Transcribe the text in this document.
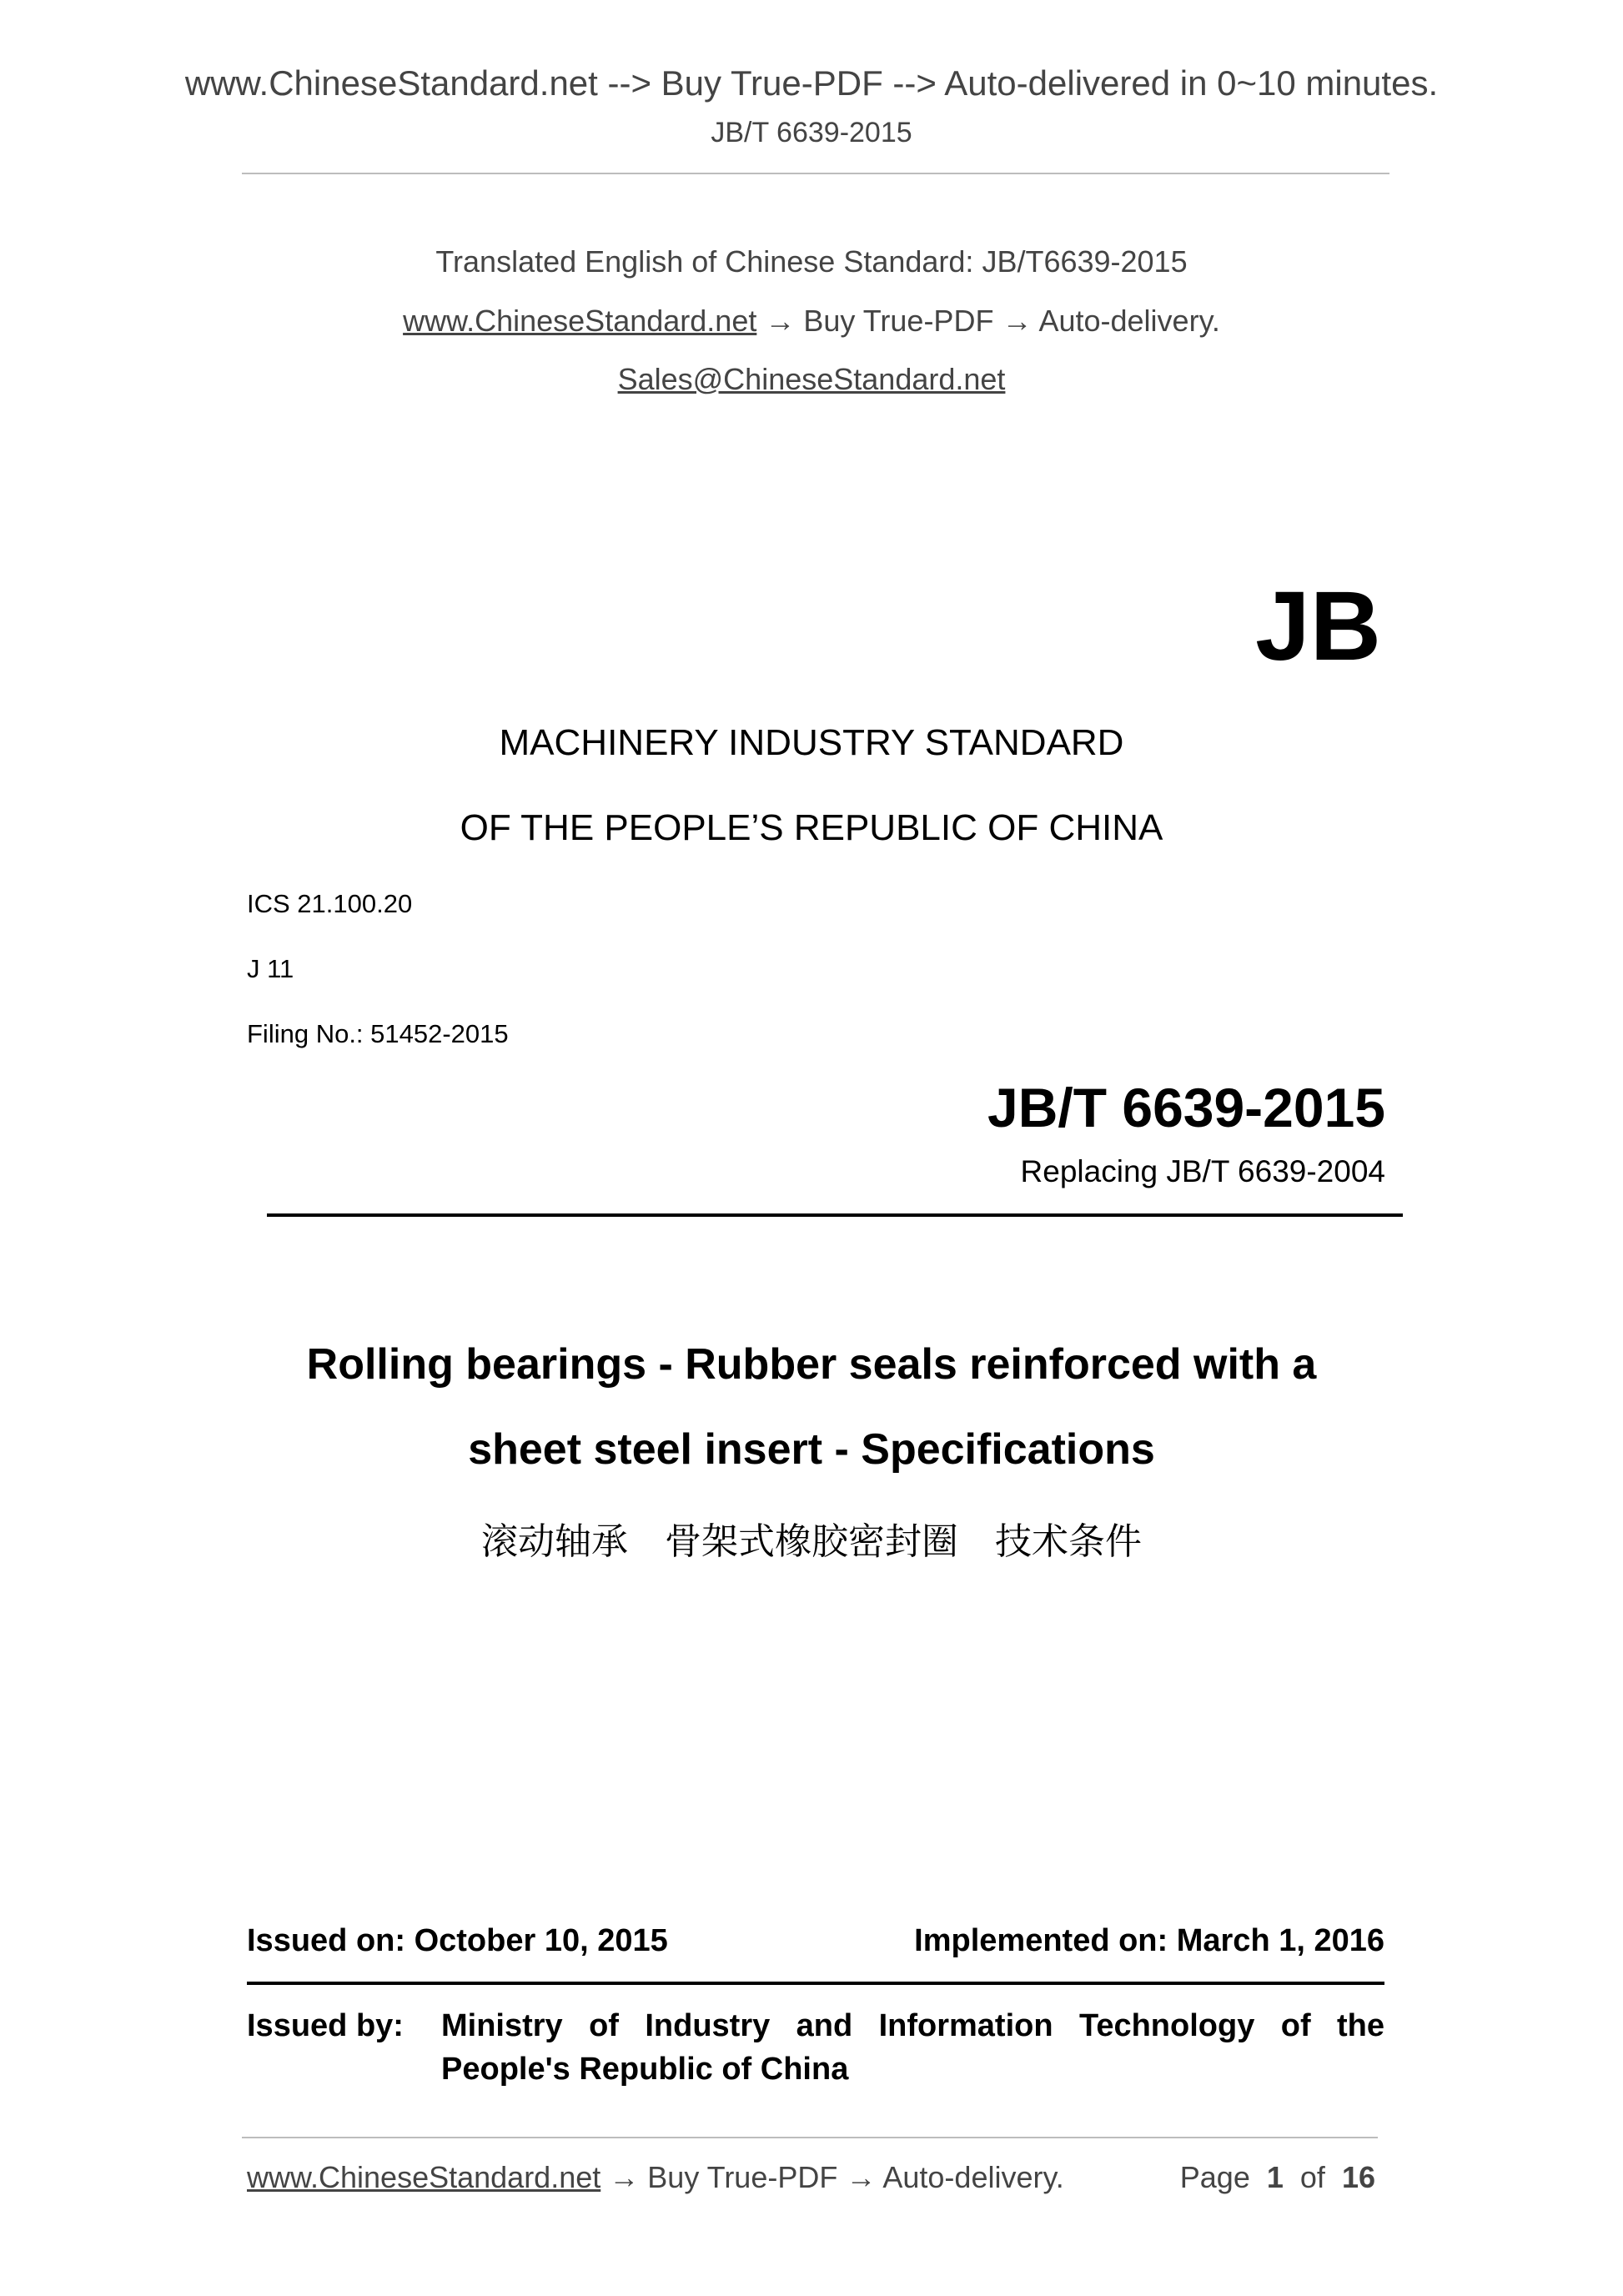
www.ChineseStandard.net --> Buy True-PDF --> Auto-delivered in 0~10 minutes.
JB/T 6639-2015
Translated English of Chinese Standard: JB/T6639-2015
www.ChineseStandard.net → Buy True-PDF → Auto-delivery.
Sales@ChineseStandard.net
JB
MACHINERY INDUSTRY STANDARD
OF THE PEOPLE’S REPUBLIC OF CHINA
ICS 21.100.20
J 11
Filing No.: 51452-2015
JB/T 6639-2015
Replacing JB/T 6639-2004
Rolling bearings - Rubber seals reinforced with a
sheet steel insert - Specifications
滚动轴承　骨架式橡胶密封圈　技术条件
Issued on: October 10, 2015	Implemented on: March 1, 2016
Issued by: Ministry of Industry and Information Technology of the
People's Republic of China
www.ChineseStandard.net → Buy True-PDF → Auto-delivery.	Page 1 of 16
